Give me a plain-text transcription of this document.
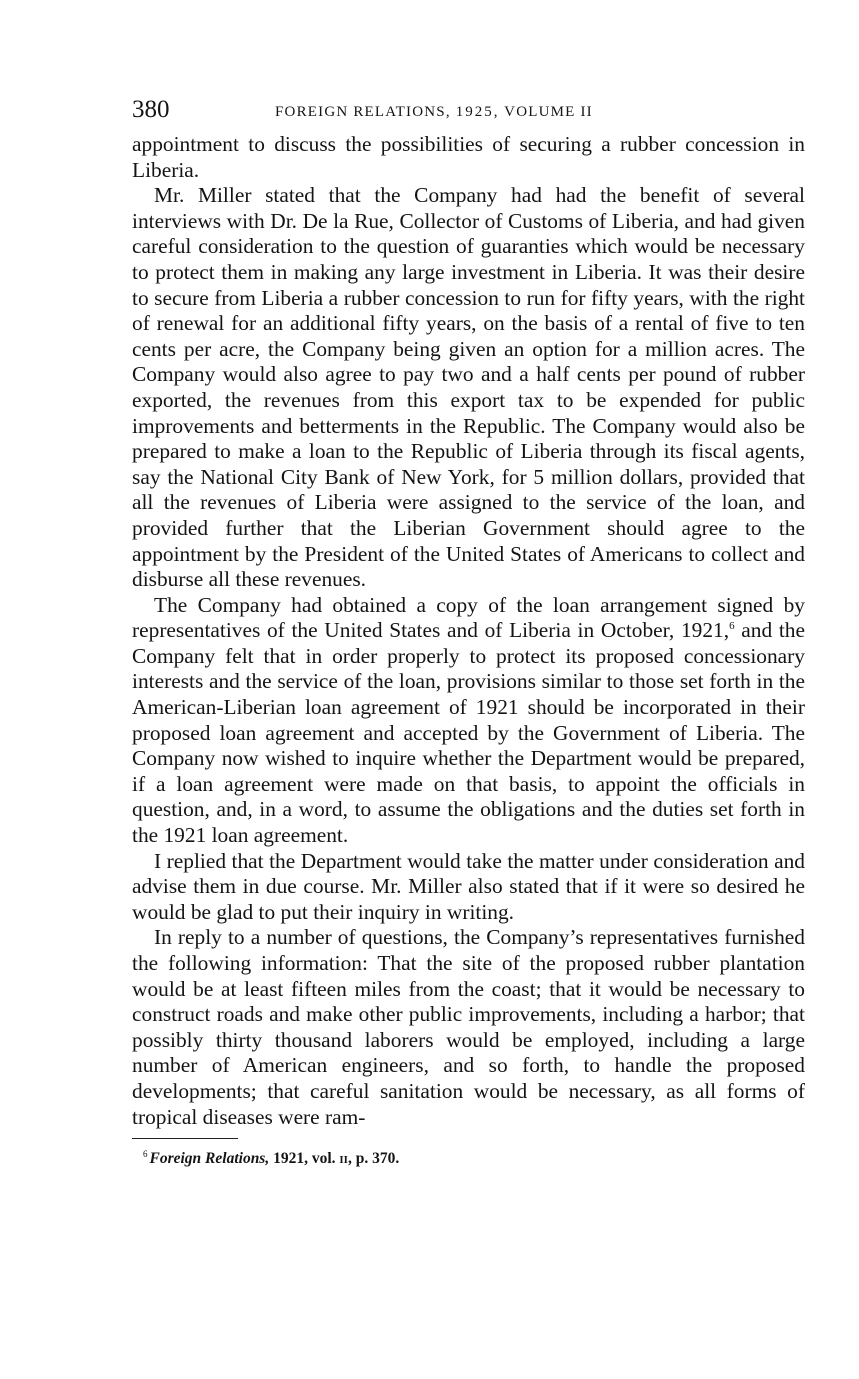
380	FOREIGN RELATIONS, 1925, VOLUME II

appointment to discuss the possibilities of securing a rubber concession in Liberia.

Mr. Miller stated that the Company had had the benefit of several interviews with Dr. De la Rue, Collector of Customs of Liberia, and had given careful consideration to the question of guaranties which would be necessary to protect them in making any large investment in Liberia. It was their desire to secure from Liberia a rubber concession to run for fifty years, with the right of renewal for an additional fifty years, on the basis of a rental of five to ten cents per acre, the Company being given an option for a million acres. The Company would also agree to pay two and a half cents per pound of rubber exported, the revenues from this export tax to be expended for public improvements and betterments in the Republic. The Company would also be prepared to make a loan to the Republic of Liberia through its fiscal agents, say the National City Bank of New York, for 5 million dollars, provided that all the revenues of Liberia were assigned to the service of the loan, and provided further that the Liberian Government should agree to the appointment by the President of the United States of Americans to collect and disburse all these revenues.

The Company had obtained a copy of the loan arrangement signed by representatives of the United States and of Liberia in October, 1921,$^6$ and the Company felt that in order properly to protect its proposed concessionary interests and the service of the loan, provisions similar to those set forth in the American-Liberian loan agreement of 1921 should be incorporated in their proposed loan agreement and accepted by the Government of Liberia. The Company now wished to inquire whether the Department would be prepared, if a loan agreement were made on that basis, to appoint the officials in question, and, in a word, to assume the obligations and the duties set forth in the 1921 loan agreement.

I replied that the Department would take the matter under consideration and advise them in due course. Mr. Miller also stated that if it were so desired he would be glad to put their inquiry in writing.

In reply to a number of questions, the Company’s representatives furnished the following information: That the site of the proposed rubber plantation would be at least fifteen miles from the coast; that it would be necessary to construct roads and make other public improvements, including a harbor; that possibly thirty thousand laborers would be employed, including a large number of American engineers, and so forth, to handle the proposed developments; that careful sanitation would be necessary, as all forms of tropical diseases were ram-

$^6$ Foreign Relations, 1921, vol. ii, p. 370.
